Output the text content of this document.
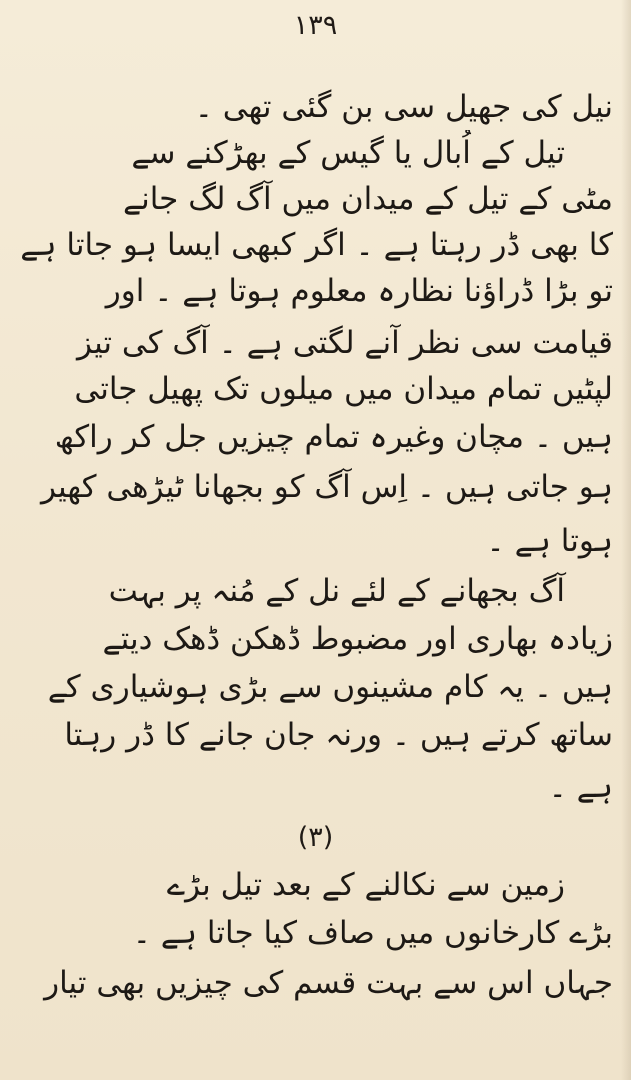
۱۳۹
نیل کی جھیل سی بن گئی تھی ۔
تیل کے اُبال یا گیس کے بھڑکنے سے
مٹی کے تیل کے میدان میں آگ لگ جانے
کا بھی ڈر رہتا ہے ۔ اگر کبھی ایسا ہو جاتا ہے
تو بڑا ڈراؤنا نظارہ معلوم ہوتا ہے ۔ اور
قیامت سی نظر آنے لگتی ہے ۔ آگ کی تیز
لپٹیں تمام میدان میں میلوں تک پھیل جاتی
ہیں ۔ مچان وغیرہ تمام چیزیں جل کر راکھ
ہو جاتی ہیں ۔ اِس آگ کو بجھانا ٹیڑھی کھیر
ہوتا ہے ۔
آگ بجھانے کے لئے نل کے مُنہ پر بہت
زیادہ بھاری اور مضبوط ڈھکن ڈھک دیتے
ہیں ۔ یہ کام مشینوں سے بڑی ہوشیاری کے
ساتھ کرتے ہیں ۔ ورنہ جان جانے کا ڈر رہتا
ہے ۔
(۳)
زمین سے نکالنے کے بعد تیل بڑے
بڑے کارخانوں میں صاف کیا جاتا ہے ۔
جہاں اس سے بہت قسم کی چیزیں بھی تیار
